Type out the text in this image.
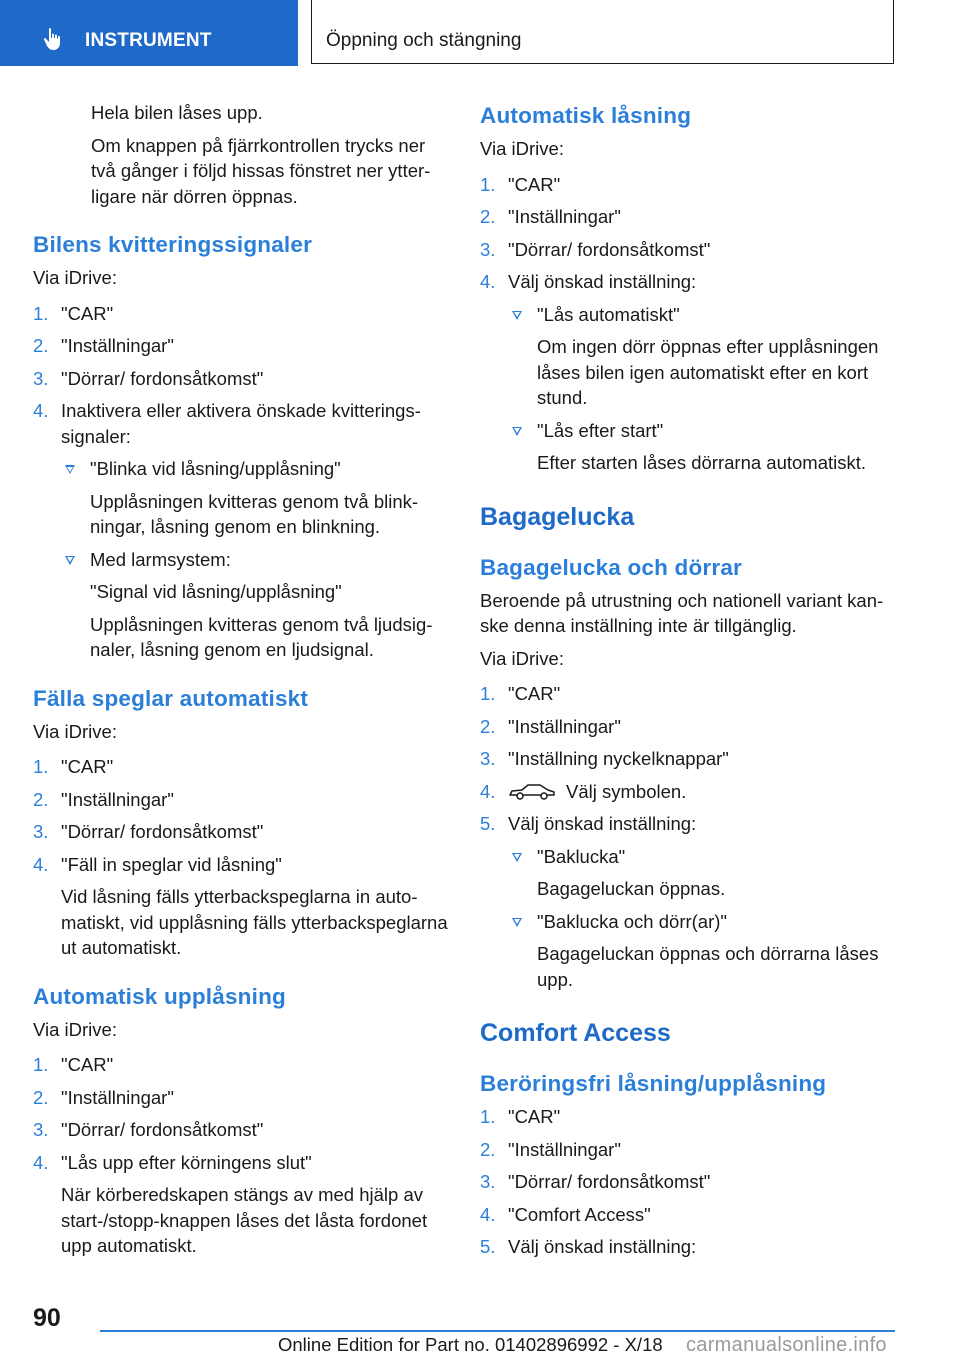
INSTRUMENT	Öppning och stängning

Hela bilen låses upp.

Om knappen på fjärrkontrollen trycks ner två gånger i följd hissas fönstret ner ytterligare när dörren öppnas.

Bilens kvitteringssignaler

Via iDrive:

1. "CAR"

2. "Inställningar"

3. "Dörrar/ fordonsåtkomst"

4. Inaktivera eller aktivera önskade kvitteringssignaler:

"Blinka vid låsning/upplåsning"

Upplåsningen kvitteras genom två blinkningar, låsning genom en blinkning.

Med larmsystem:

"Signal vid låsning/upplåsning"

Upplåsningen kvitteras genom två ljudsignaler, låsning genom en ljudsignal.

Fälla speglar automatiskt

Via iDrive:

1. "CAR"

2. "Inställningar"

3. "Dörrar/ fordonsåtkomst"

4. "Fäll in speglar vid låsning"

Vid låsning fälls ytterbackspeglarna in automatiskt, vid upplåsning fälls ytterbackspeglarna ut automatiskt.

Automatisk upplåsning

Via iDrive:

1. "CAR"

2. "Inställningar"

3. "Dörrar/ fordonsåtkomst"

4. "Lås upp efter körningens slut"

När körberedskapen stängs av med hjälp av start-/stopp-knappen låses det låsta fordonet upp automatiskt.

Automatisk låsning

Via iDrive:

1. "CAR"

2. "Inställningar"

3. "Dörrar/ fordonsåtkomst"

4. Välj önskad inställning:

"Lås automatiskt"

Om ingen dörr öppnas efter upplåsningen låses bilen igen automatiskt efter en kort stund.

"Lås efter start"

Efter starten låses dörrarna automatiskt.

Bagagelucka
Bagagelucka och dörrar

Beroende på utrustning och nationell variant kanske denna inställning inte är tillgänglig.

Via iDrive:

1. "CAR"

2. "Inställningar"

3. "Inställning nyckelknappar"

4.	Välj symbolen.

5. Välj önskad inställning:

"Baklucka"

Bagageluckan öppnas.

"Baklucka och dörr(ar)"

Bagageluckan öppnas och dörrarna låses upp.

Comfort Access
Beröringsfri låsning/upplåsning
1. "CAR"

2. "Inställningar"

3. "Dörrar/ fordonsåtkomst"

4. "Comfort Access"

5. Välj önskad inställning:

90
Online Edition for Part no. 01402896992 - X/18 carmanualsonline.info
